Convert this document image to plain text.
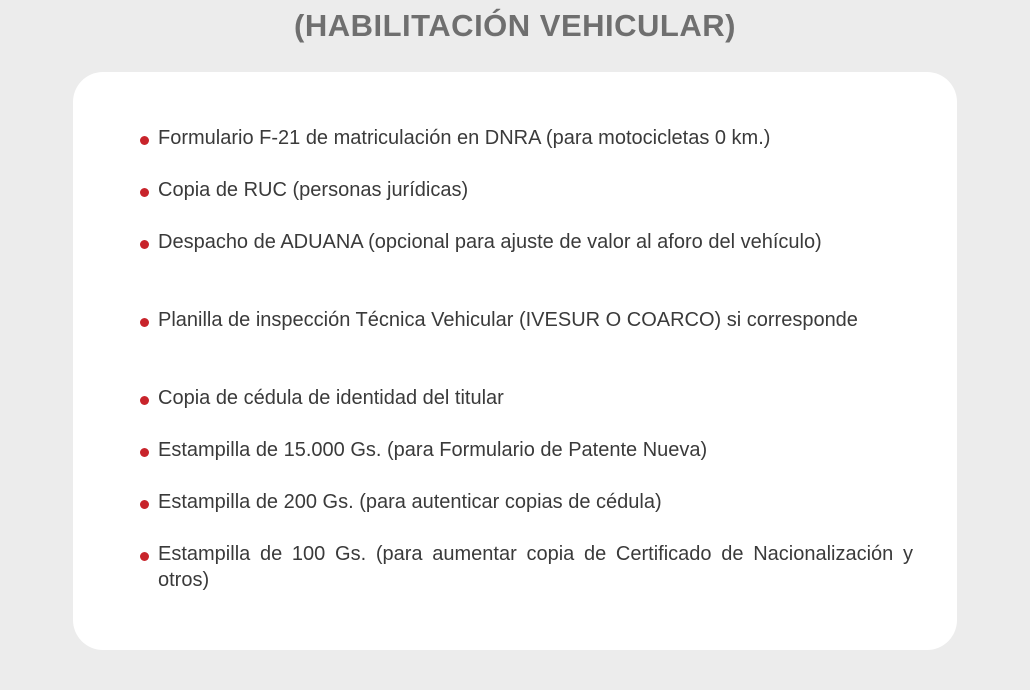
(HABILITACIÓN VEHICULAR)
Formulario F-21 de matriculación en DNRA (para motocicletas 0 km.)
Copia de RUC (personas jurídicas)
Despacho de ADUANA (opcional para ajuste de valor al aforo del vehículo)
Planilla de inspección Técnica Vehicular (IVESUR O COARCO) si corresponde
Copia de cédula de identidad del titular
Estampilla de 15.000 Gs. (para Formulario de Patente Nueva)
Estampilla de 200 Gs. (para autenticar copias de cédula)
Estampilla de 100 Gs. (para aumentar copia de Certificado de Nacionalización y otros)
